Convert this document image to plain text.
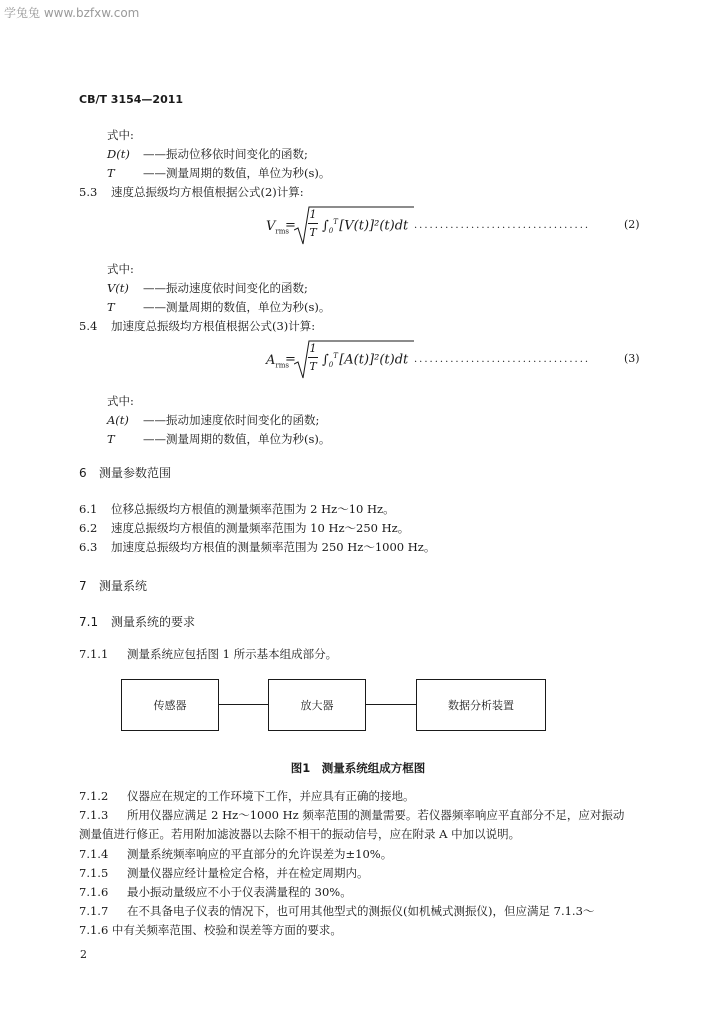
学兔兔 www.bzfxw.com
CB/T 3154—2011
式中:
D(t) ——振动位移依时间变化的函数;
T ——测量周期的数值，单位为秒(s)。
5.3 速度总振级均方根值根据公式(2)计算:
$V_{rms}$
=
1
T $\int_0^T$ [V(t)]²(t)dt ..................................	(2)
式中:
V(t) ——振动速度依时间变化的函数;
T ——测量周期的数值，单位为秒(s)。
5.4 加速度总振级均方根值根据公式(3)计算:
$A_{rms}$
=
1
T $\int_0^T$ [A(t)]²(t)dt ..................................	(3)
式中:
A(t) ——振动加速度依时间变化的函数;
T ——测量周期的数值，单位为秒(s)。
6 测量参数范围
6.1 位移总振级均方根值的测量频率范围为 2 Hz～10 Hz。
6.2 速度总振级均方根值的测量频率范围为 10 Hz～250 Hz。
6.3 加速度总振级均方根值的测量频率范围为 250 Hz～1000 Hz。
7 测量系统
7.1 测量系统的要求
7.1.1 测量系统应包括图 1 所示基本组成部分。
传感器	放大器	数据分析装置
图1　测量系统组成方框图
7.1.2 仪器应在规定的工作环境下工作，并应具有正确的接地。
7.1.3 所用仪器应满足 2 Hz～1000 Hz 频率范围的测量需要。若仪器频率响应平直部分不足，应对振动
测量值进行修正。若用附加滤波器以去除不相干的振动信号，应在附录 A 中加以说明。
7.1.4 测量系统频率响应的平直部分的允许误差为±10%。
7.1.5 测量仪器应经计量检定合格，并在检定周期内。
7.1.6 最小振动量级应不小于仪表满量程的 30%。
7.1.7 在不具备电子仪表的情况下，也可用其他型式的测振仪(如机械式测振仪)，但应满足 7.1.3～
7.1.6 中有关频率范围、校验和误差等方面的要求。
2
